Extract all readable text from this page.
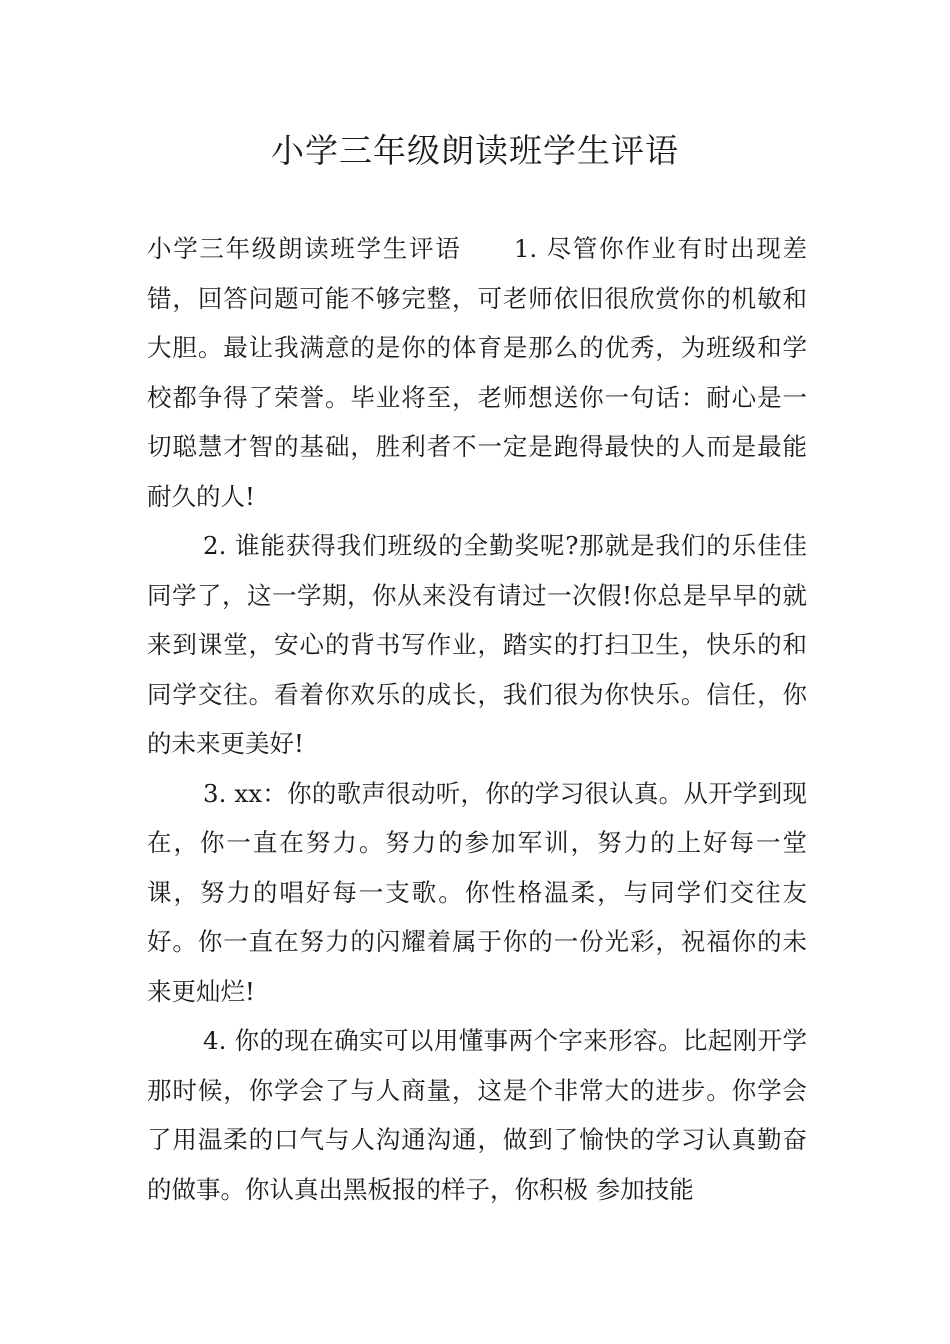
小学三年级朗读班学生评语

小学三年级朗读班学生评语　　1. 尽管你作业有时出现差错，回答问题可能不够完整，可老师依旧很欣赏你的机敏和大胆。最让我满意的是你的体育是那么的优秀，为班级和学校都争得了荣誉。毕业将至，老师想送你一句话：耐心是一切聪慧才智的基础，胜利者不一定是跑得最快的人而是最能耐久的人!

2. 谁能获得我们班级的全勤奖呢?那就是我们的乐佳佳同学了，这一学期，你从来没有请过一次假!你总是早早的就来到课堂，安心的背书写作业，踏实的打扫卫生，快乐的和同学交往。看着你欢乐的成长，我们很为你快乐。信任，你的未来更美好!

3. xx：你的歌声很动听，你的学习很认真。从开学到现在，你一直在努力。努力的参加军训，努力的上好每一堂课，努力的唱好每一支歌。你性格温柔，与同学们交往友好。你一直在努力的闪耀着属于你的一份光彩，祝福你的未来更灿烂!

4. 你的现在确实可以用懂事两个字来形容。比起刚开学那时候，你学会了与人商量，这是个非常大的进步。你学会了用温柔的口气与人沟通沟通，做到了愉快的学习认真勤奋的做事。你认真出黑板报的样子，你积极 参加技能
